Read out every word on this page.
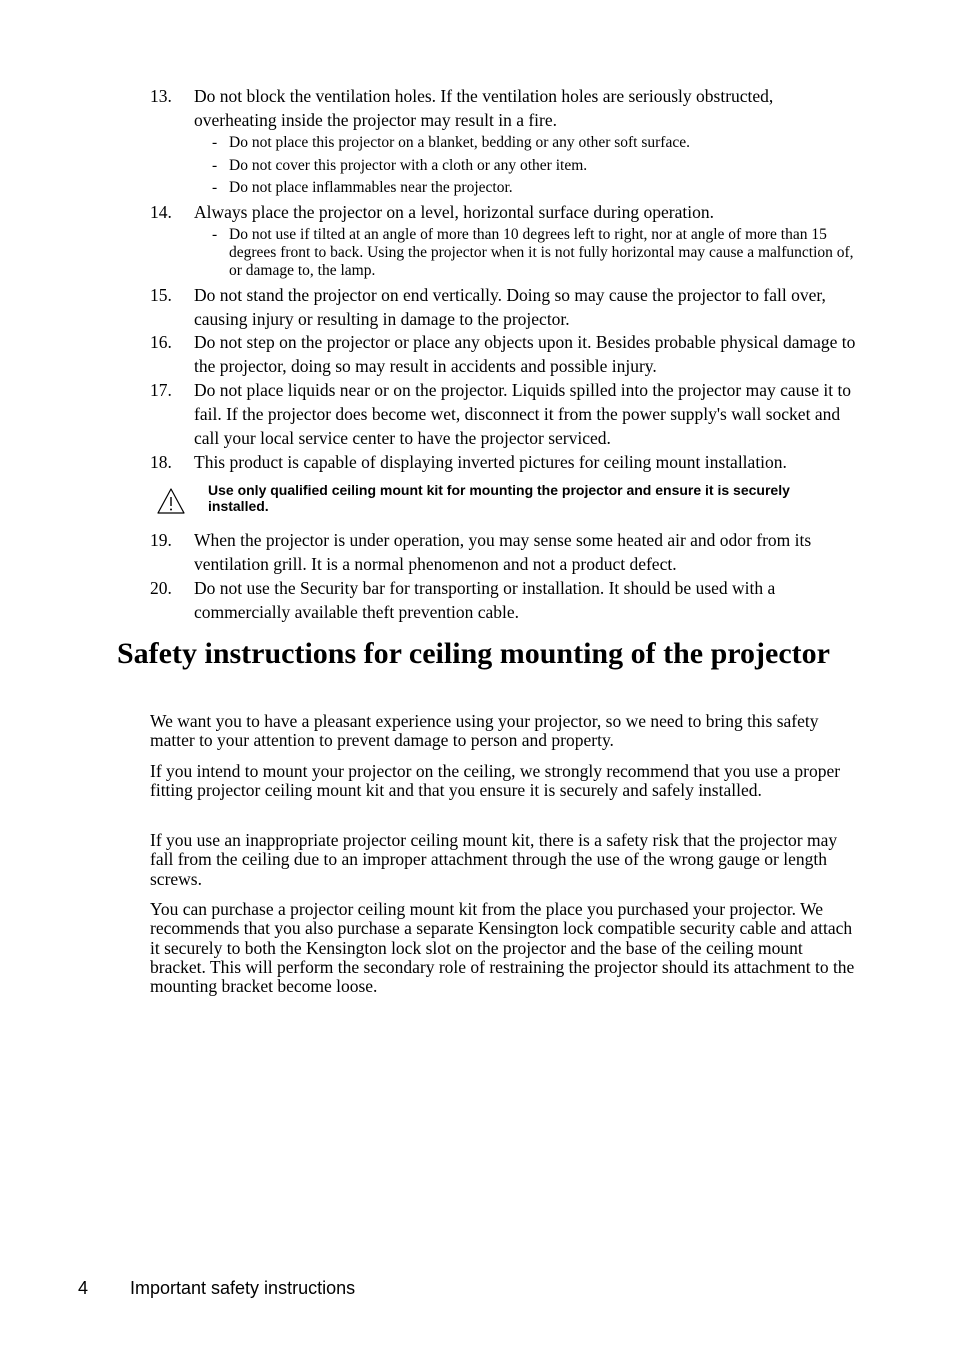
13. Do not block the ventilation holes. If the ventilation holes are seriously obstructed, overheating inside the projector may result in a fire.
- Do not place this projector on a blanket, bedding or any other soft surface.
- Do not cover this projector with a cloth or any other item.
- Do not place inflammables near the projector.
14. Always place the projector on a level, horizontal surface during operation.
- Do not use if tilted at an angle of more than 10 degrees left to right, nor at angle of more than 15 degrees front to back. Using the projector when it is not fully horizontal may cause a malfunction of, or damage to, the lamp.
15. Do not stand the projector on end vertically. Doing so may cause the projector to fall over, causing injury or resulting in damage to the projector.
16. Do not step on the projector or place any objects upon it. Besides probable physical damage to the projector, doing so may result in accidents and possible injury.
17. Do not place liquids near or on the projector. Liquids spilled into the projector may cause it to fail. If the projector does become wet, disconnect it from the power supply's wall socket and call your local service center to have the projector serviced.
18. This product is capable of displaying inverted pictures for ceiling mount installation.
Use only qualified ceiling mount kit for mounting the projector and ensure it is securely installed.
19. When the projector is under operation, you may sense some heated air and odor from its ventilation grill. It is a normal phenomenon and not a product defect.
20. Do not use the Security bar for transporting or installation. It should be used with a commercially available theft prevention cable.
Safety instructions for ceiling mounting of the projector

We want you to have a pleasant experience using your projector, so we need to bring this safety matter to your attention to prevent damage to person and property.

If you intend to mount your projector on the ceiling, we strongly recommend that you use a proper fitting projector ceiling mount kit and that you ensure it is securely and safely installed.

If you use an inappropriate projector ceiling mount kit, there is a safety risk that the projector may fall from the ceiling due to an improper attachment through the use of the wrong gauge or length screws.

You can purchase a projector ceiling mount kit from the place you purchased your projector. We recommends that you also purchase a separate Kensington lock compatible security cable and attach it securely to both the Kensington lock slot on the projector and the base of the ceiling mount bracket. This will perform the secondary role of restraining the projector should its attachment to the mounting bracket become loose.

4 Important safety instructions
